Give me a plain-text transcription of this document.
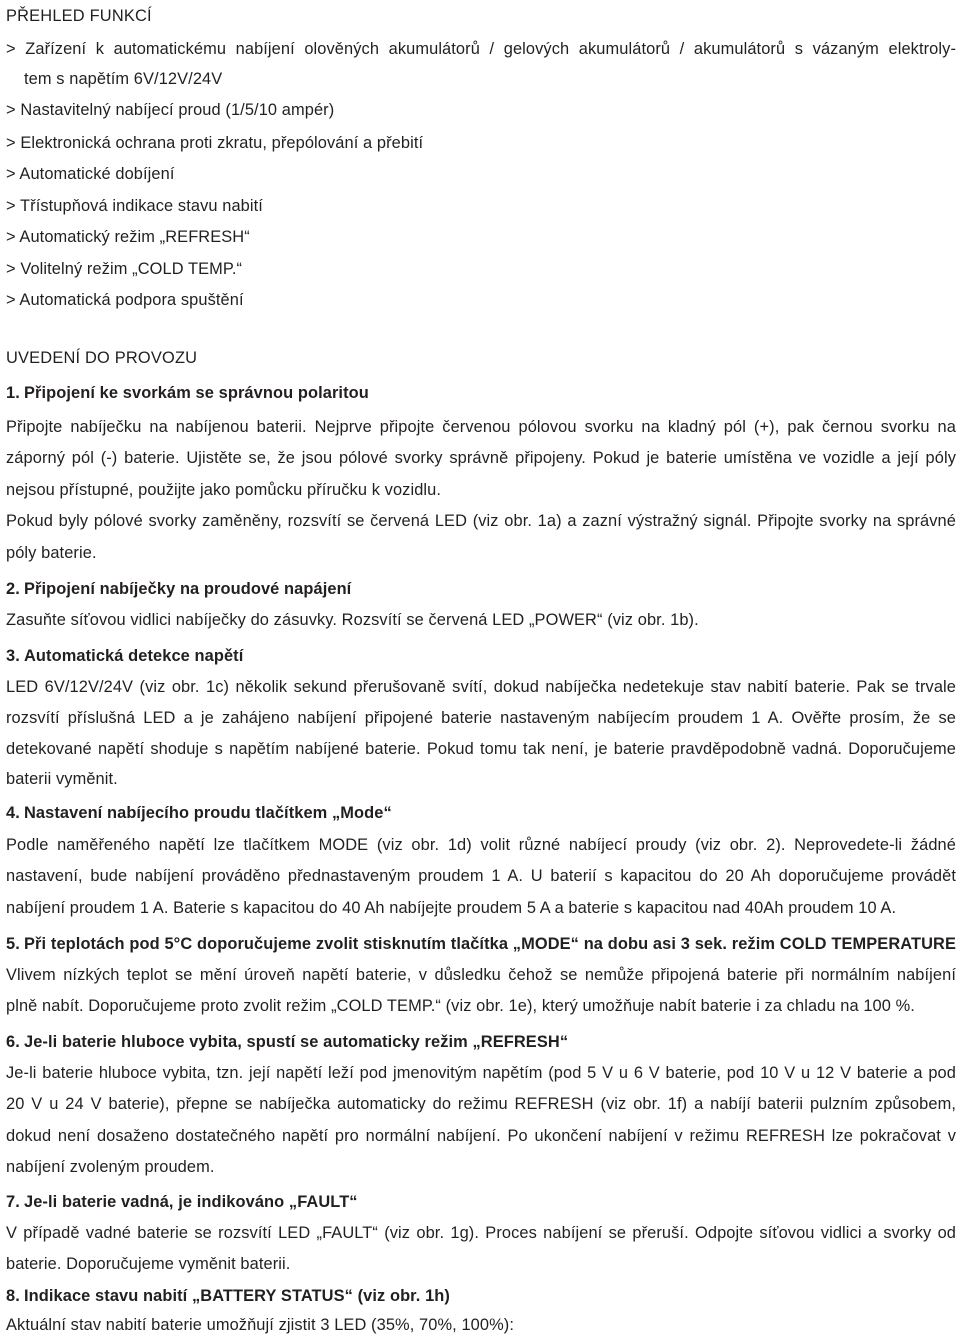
PŘEHLED FUNKCÍ
> Zařízení k automatickému nabíjení olověných akumulátorů / gelových akumulátorů / akumulátorů s vázaným elektroly-
tem s napětím 6V/12V/24V
> Nastavitelný nabíjecí proud (1/5/10 ampér)
> Elektronická ochrana proti zkratu, přepólování a přebití
> Automatické dobíjení
> Třístupňová indikace stavu nabití
> Automatický režim „REFRESH“
> Volitelný režim „COLD TEMP.“
> Automatická podpora spuštění
UVEDENÍ DO PROVOZU
1. Připojení ke svorkám se správnou polaritou
Připojte nabíječku na nabíjenou baterii. Nejprve připojte červenou pólovou svorku na kladný pól (+), pak černou svorku na
záporný pól (-) baterie. Ujistěte se, že jsou pólové svorky správně připojeny. Pokud je baterie umístěna ve vozidle a její póly
nejsou přístupné, použijte jako pomůcku příručku k vozidlu.
Pokud byly pólové svorky zaměněny, rozsvítí se červená LED (viz obr. 1a) a zazní výstražný signál. Připojte svorky na správné
póly baterie.
2. Připojení nabíječky na proudové napájení
Zasuňte síťovou vidlici nabíječky do zásuvky. Rozsvítí se červená LED „POWER“ (viz obr. 1b).
3. Automatická detekce napětí
LED 6V/12V/24V (viz obr. 1c) několik sekund přerušovaně svítí, dokud nabíječka nedetekuje stav nabití baterie. Pak se trvale
rozsvítí příslušná LED a je zahájeno nabíjení připojené baterie nastaveným nabíjecím proudem 1 A. Ověřte prosím, že se
detekované napětí shoduje s napětím nabíjené baterie. Pokud tomu tak není, je baterie pravděpodobně vadná. Doporučujeme
baterii vyměnit.
4. Nastavení nabíjecího proudu tlačítkem „Mode“
Podle naměřeného napětí lze tlačítkem MODE (viz obr. 1d) volit různé nabíjecí proudy (viz obr. 2). Neprovedete-li žádné
nastavení, bude nabíjení prováděno přednastaveným proudem 1 A. U baterií s kapacitou do 20 Ah doporučujeme provádět
nabíjení proudem 1 A. Baterie s kapacitou do 40 Ah nabíjejte proudem 5 A a baterie s kapacitou nad 40Ah proudem 10 A.
5. Při teplotách pod 5°C doporučujeme zvolit stisknutím tlačítka „MODE“ na dobu asi 3 sek. režim COLD TEMPERATURE
Vlivem nízkých teplot se mění úroveň napětí baterie, v důsledku čehož se nemůže připojená baterie při normálním nabíjení
plně nabít. Doporučujeme proto zvolit režim „COLD TEMP.“ (viz obr. 1e), který umožňuje nabít baterie i za chladu na 100 %.
6. Je-li baterie hluboce vybita, spustí se automaticky režim „REFRESH“
Je-li baterie hluboce vybita, tzn. její napětí leží pod jmenovitým napětím (pod 5 V u 6 V baterie, pod 10 V u 12 V baterie a pod
20 V u 24 V baterie), přepne se nabíječka automaticky do režimu REFRESH (viz obr. 1f) a nabíjí baterii pulzním způsobem,
dokud není dosaženo dostatečného napětí pro normální nabíjení. Po ukončení nabíjení v režimu REFRESH lze pokračovat v
nabíjení zvoleným proudem.
7. Je-li baterie vadná, je indikováno „FAULT“
V případě vadné baterie se rozsvítí LED „FAULT“ (viz obr. 1g). Proces nabíjení se přeruší. Odpojte síťovou vidlici a svorky od
baterie. Doporučujeme vyměnit baterii.
8. Indikace stavu nabití „BATTERY STATUS“ (viz obr. 1h)
Aktuální stav nabití baterie umožňují zjistit 3 LED (35%, 70%, 100%):
